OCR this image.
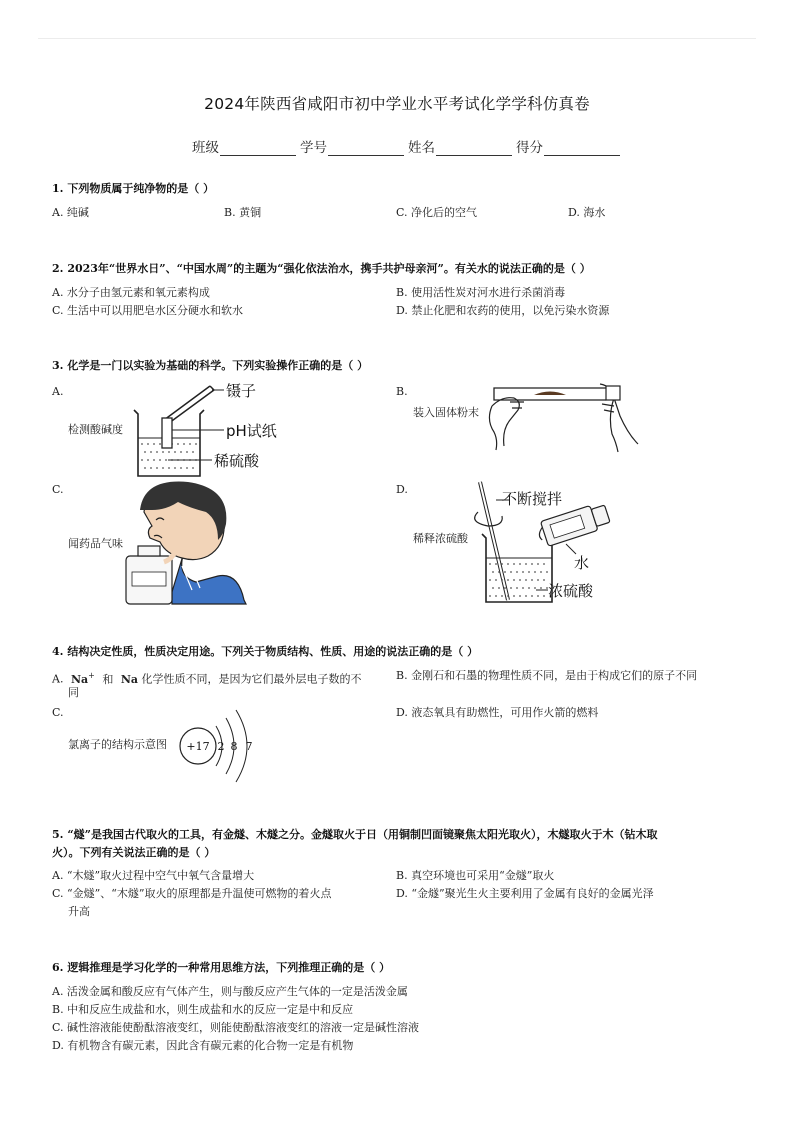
2024年陕西省咸阳市初中学业水平考试化学学科仿真卷
班级	学号	姓名	得分
1. 下列物质属于纯净物的是（ ）
A. 纯碱	B. 黄铜	C. 净化后的空气	D. 海水
2. 2023年“世界水日”、“中国水周”的主题为“强化依法治水，携手共护母亲河”。有关水的说法正确的是（ ）
A. 水分子由氢元素和氧元素构成	B. 使用活性炭对河水进行杀菌消毒
C. 生活中可以用肥皂水区分硬水和软水	D. 禁止化肥和农药的使用，以免污染水资源
3. 化学是一门以实验为基础的科学。下列实验操作正确的是（ ）
A.	B.
C.	D.
检测酸碱度
装入固体粉末
闻药品气味	稀释浓硫酸
镊子
pH试纸
稀硫酸
不断搅拌
水
浓硫酸
4. 结构决定性质，性质决定用途。下列关于物质结构、性质、用途的说法正确的是（ ）
A. Na+ 和 Na 化学性质不同，是因为它们最外层电子数的不
同
B. 金刚石和石墨的物理性质不同，是由于构成它们的原子不同
C.	D. 液态氧具有助燃性，可用作火箭的燃料
氯离子的结构示意图 +17 2 8 7
5. “燧”是我国古代取火的工具，有金燧、木燧之分。金燧取火于日（用铜制凹面镜聚焦太阳光取火），木燧取火于木（钻木取
火）。下列有关说法正确的是（ ）
A. “木燧”取火过程中空气中氧气含量增大	B. 真空环境也可采用“金燧”取火
C. “金燧”、“木燧”取火的原理都是升温使可燃物的着火点
升高
D. “金燧”聚光生火主要利用了金属有良好的金属光泽
6. 逻辑推理是学习化学的一种常用思维方法，下列推理正确的是（ ）
A. 活泼金属和酸反应有气体产生，则与酸反应产生气体的一定是活泼金属
B. 中和反应生成盐和水，则生成盐和水的反应一定是中和反应
C. 碱性溶液能使酚酞溶液变红，则能使酚酞溶液变红的溶液一定是碱性溶液
D. 有机物含有碳元素，因此含有碳元素的化合物一定是有机物
